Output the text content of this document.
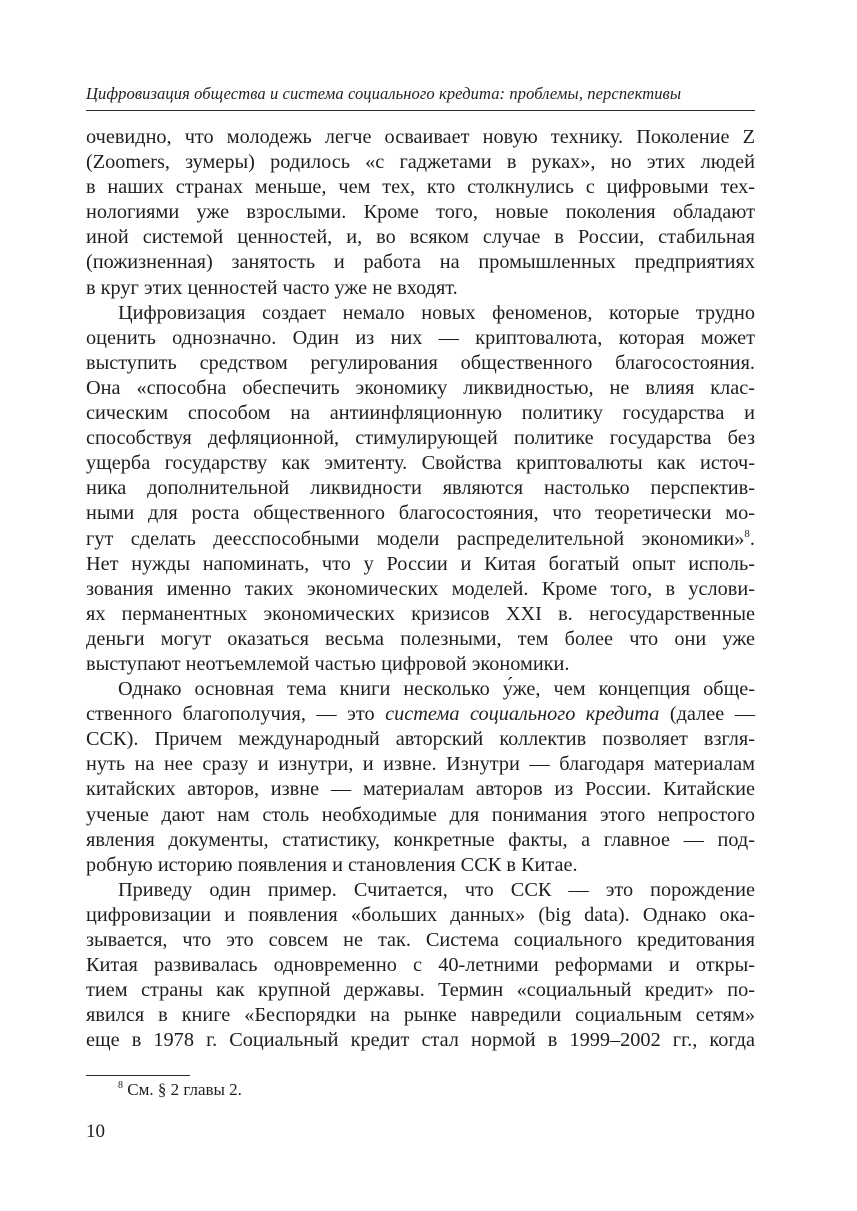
Цифровизация общества и система социального кредита: проблемы, перспективы
очевидно, что молодежь легче осваивает новую технику. Поколение Z
(Zoomers, зумеры) родилось «с гаджетами в руках», но этих людей
в наших странах меньше, чем тех, кто столкнулись с цифровыми тех-
нологиями уже взрослыми. Кроме того, новые поколения обладают
иной системой ценностей, и, во всяком случае в России, стабильная
(пожизненная) занятость и работа на промышленных предприятиях
в круг этих ценностей часто уже не входят.
Цифровизация создает немало новых феноменов, которые трудно
оценить однозначно. Один из них — криптовалюта, которая может
выступить средством регулирования общественного благосостояния.
Она «способна обеспечить экономику ликвидностью, не влияя клас-
сическим способом на антиинфляционную политику государства и
способствуя дефляционной, стимулирующей политике государства без
ущерба государству как эмитенту. Свойства криптовалюты как источ-
ника дополнительной ликвидности являются настолько перспектив-
ными для роста общественного благосостояния, что теоретически мо-
гут сделать деесспособными модели распределительной экономики»$^8$.
Нет нужды напоминать, что у России и Китая богатый опыт исполь-
зования именно таких экономических моделей. Кроме того, в услови-
ях перманентных экономических кризисов XXI в. негосударственные
деньги могут оказаться весьма полезными, тем более что они уже
выступают неотъемлемой частью цифровой экономики.
Однако основная тема книги несколько у́же, чем концепция обще-
ственного благополучия, — это система социального кредита (далее —
ССК). Причем международный авторский коллектив позволяет взгля-
нуть на нее сразу и изнутри, и извне. Изнутри — благодаря материалам
китайских авторов, извне — материалам авторов из России. Китайские
ученые дают нам столь необходимые для понимания этого непростого
явления документы, статистику, конкретные факты, а главное — под-
робную историю появления и становления ССК в Китае.
Приведу один пример. Считается, что ССК — это порождение
цифровизации и появления «больших данных» (big data). Однако ока-
зывается, что это совсем не так. Система социального кредитования
Китая развивалась одновременно с 40-летними реформами и откры-
тием страны как крупной державы. Термин «социальный кредит» по-
явился в книге «Беспорядки на рынке навредили социальным сетям»
еще в 1978 г. Социальный кредит стал нормой в 1999–2002 гг., когда
$^8$ См. § 2 главы 2.
10
